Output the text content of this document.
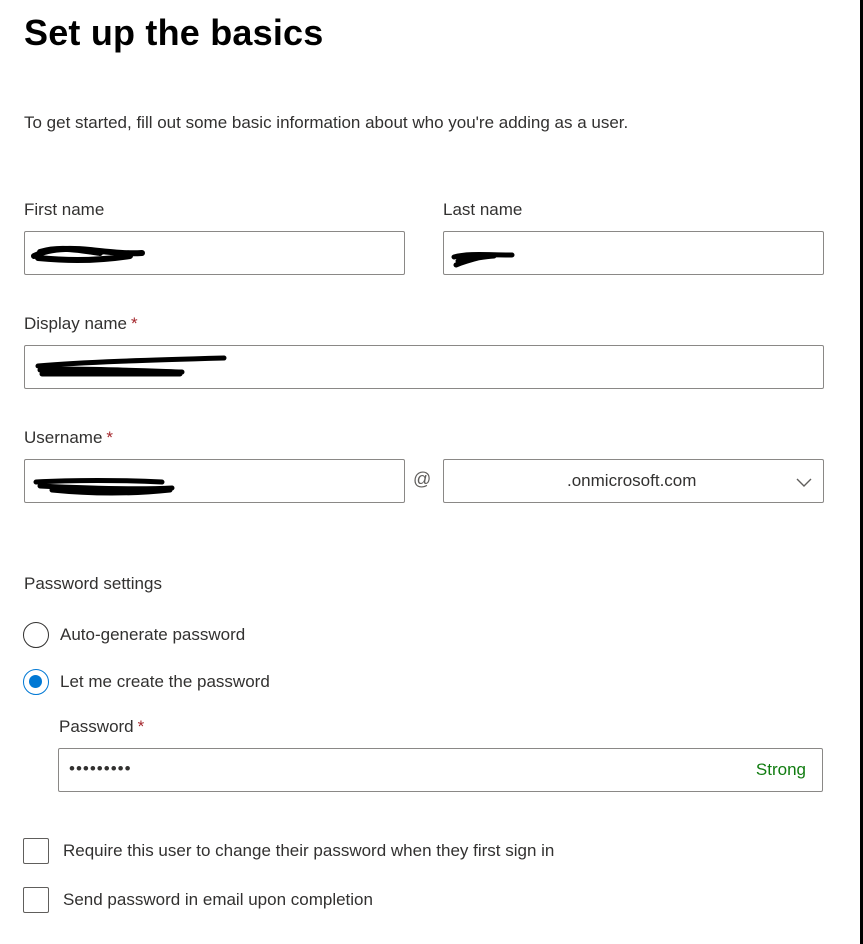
Set up the basics
To get started, fill out some basic information about who you're adding as a user.
First name	Last name
Display name *
Username *
@	.onmicrosoft.com
Password settings
Auto-generate password
Let me create the password
Password *
•••••••••	Strong
Require this user to change their password when they first sign in
Send password in email upon completion
